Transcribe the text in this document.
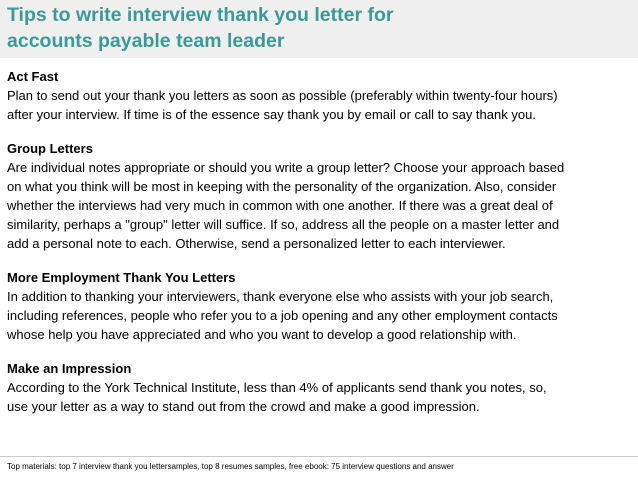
Tips to write interview thank you letter for
accounts payable team leader

Act Fast

Plan to send out your thank you letters as soon as possible (preferably within twenty-four hours)
after your interview. If time is of the essence say thank you by email or call to say thank you.

Group Letters

Are individual notes appropriate or should you write a group letter? Choose your approach based
on what you think will be most in keeping with the personality of the organization. Also, consider
whether the interviews had very much in common with one another. If there was a great deal of
similarity, perhaps a "group" letter will suffice. If so, address all the people on a master letter and
add a personal note to each. Otherwise, send a personalized letter to each interviewer.

More Employment Thank You Letters

In addition to thanking your interviewers, thank everyone else who assists with your job search,
including references, people who refer you to a job opening and any other employment contacts
whose help you have appreciated and who you want to develop a good relationship with.

Make an Impression

According to the York Technical Institute, less than 4% of applicants send thank you notes, so,
use your letter as a way to stand out from the crowd and make a good impression.

Top materials: top 7 interview thank you lettersamples, top 8 resumes samples, free ebook: 75 interview questions and answer
